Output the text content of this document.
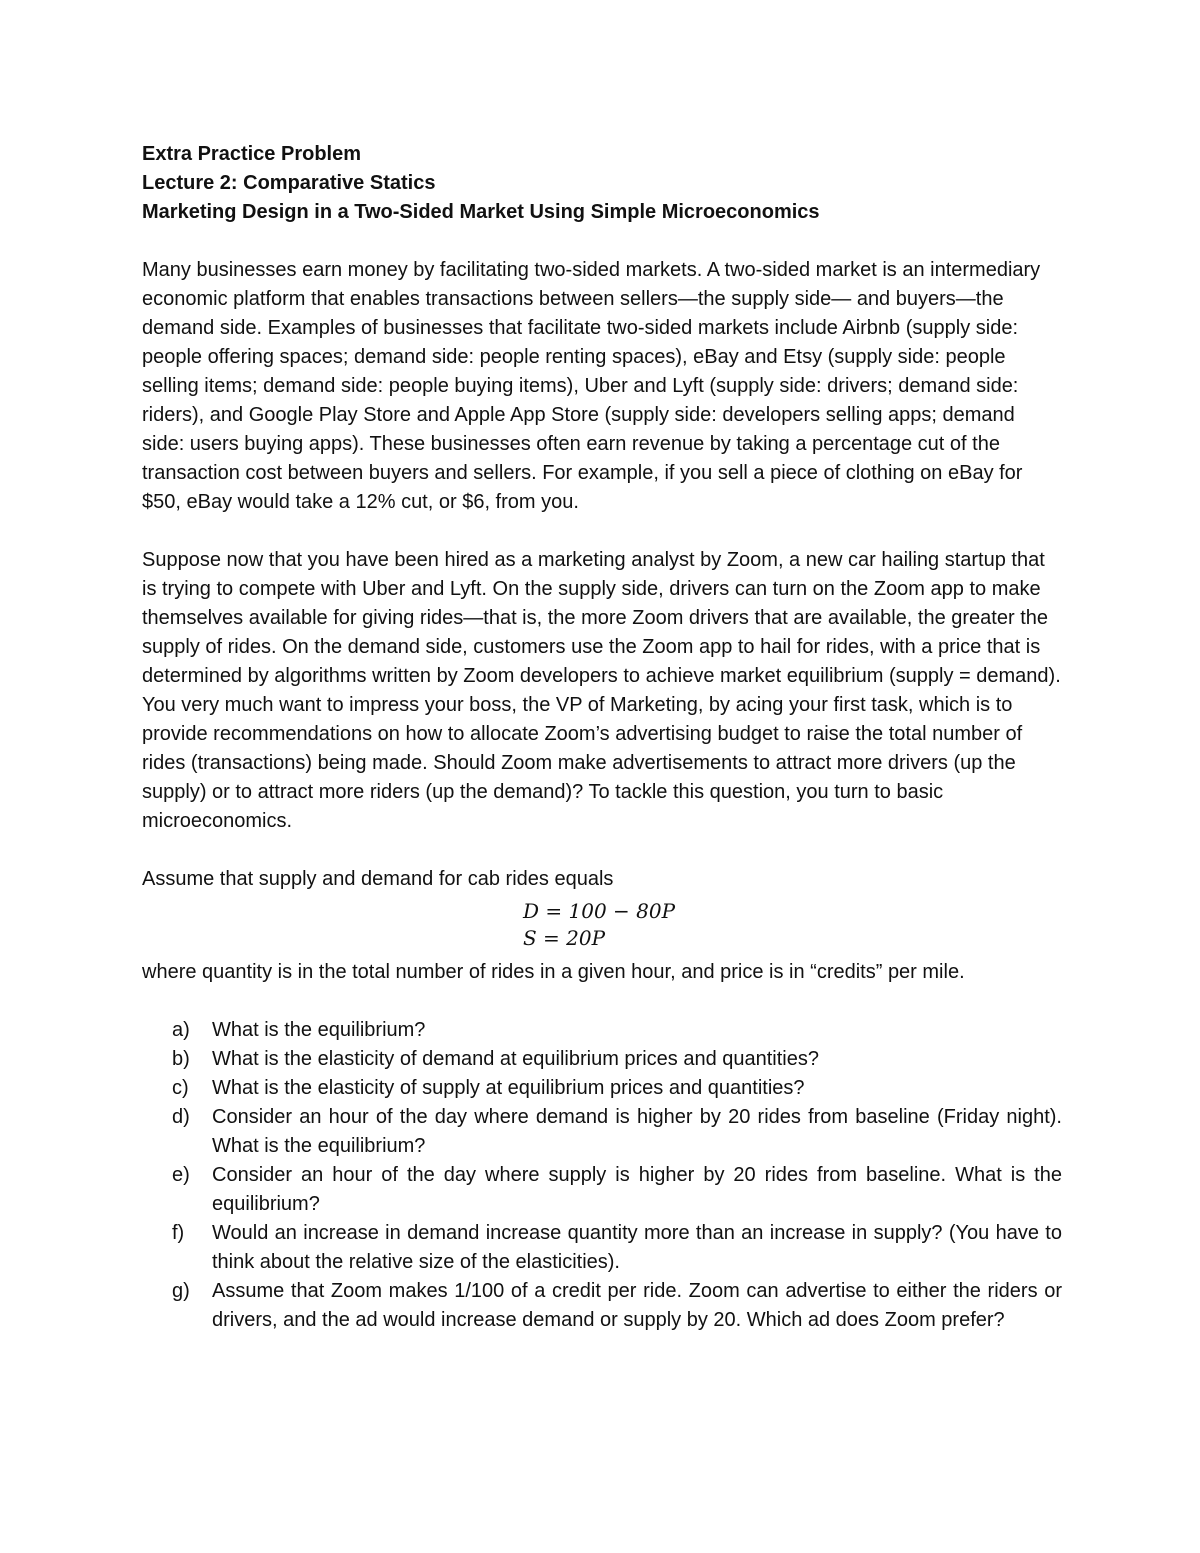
Extra Practice Problem
Lecture 2: Comparative Statics
Marketing Design in a Two-Sided Market Using Simple Microeconomics

Many businesses earn money by facilitating two-sided markets. A two-sided market is an intermediary economic platform that enables transactions between sellers—the supply side— and buyers—the demand side. Examples of businesses that facilitate two-sided markets include Airbnb (supply side: people offering spaces; demand side: people renting spaces), eBay and Etsy (supply side: people selling items; demand side: people buying items), Uber and Lyft (supply side: drivers; demand side: riders), and Google Play Store and Apple App Store (supply side: developers selling apps; demand side: users buying apps). These businesses often earn revenue by taking a percentage cut of the transaction cost between buyers and sellers. For example, if you sell a piece of clothing on eBay for $50, eBay would take a 12% cut, or $6, from you.

Suppose now that you have been hired as a marketing analyst by Zoom, a new car hailing startup that is trying to compete with Uber and Lyft. On the supply side, drivers can turn on the Zoom app to make themselves available for giving rides—that is, the more Zoom drivers that are available, the greater the supply of rides. On the demand side, customers use the Zoom app to hail for rides, with a price that is determined by algorithms written by Zoom developers to achieve market equilibrium (supply = demand). You very much want to impress your boss, the VP of Marketing, by acing your first task, which is to provide recommendations on how to allocate Zoom’s advertising budget to raise the total number of rides (transactions) being made. Should Zoom make advertisements to attract more drivers (up the supply) or to attract more riders (up the demand)? To tackle this question, you turn to basic microeconomics.

Assume that supply and demand for cab rides equals

D = 100 − 80P
S = 20P

where quantity is in the total number of rides in a given hour, and price is in “credits” per mile.

a) What is the equilibrium?
b) What is the elasticity of demand at equilibrium prices and quantities?
c) What is the elasticity of supply at equilibrium prices and quantities?
d) Consider an hour of the day where demand is higher by 20 rides from baseline (Friday night). What is the equilibrium?
e) Consider an hour of the day where supply is higher by 20 rides from baseline. What is the equilibrium?
f) Would an increase in demand increase quantity more than an increase in supply? (You have to think about the relative size of the elasticities).
g) Assume that Zoom makes 1/100 of a credit per ride. Zoom can advertise to either the riders or drivers, and the ad would increase demand or supply by 20. Which ad does Zoom prefer?
